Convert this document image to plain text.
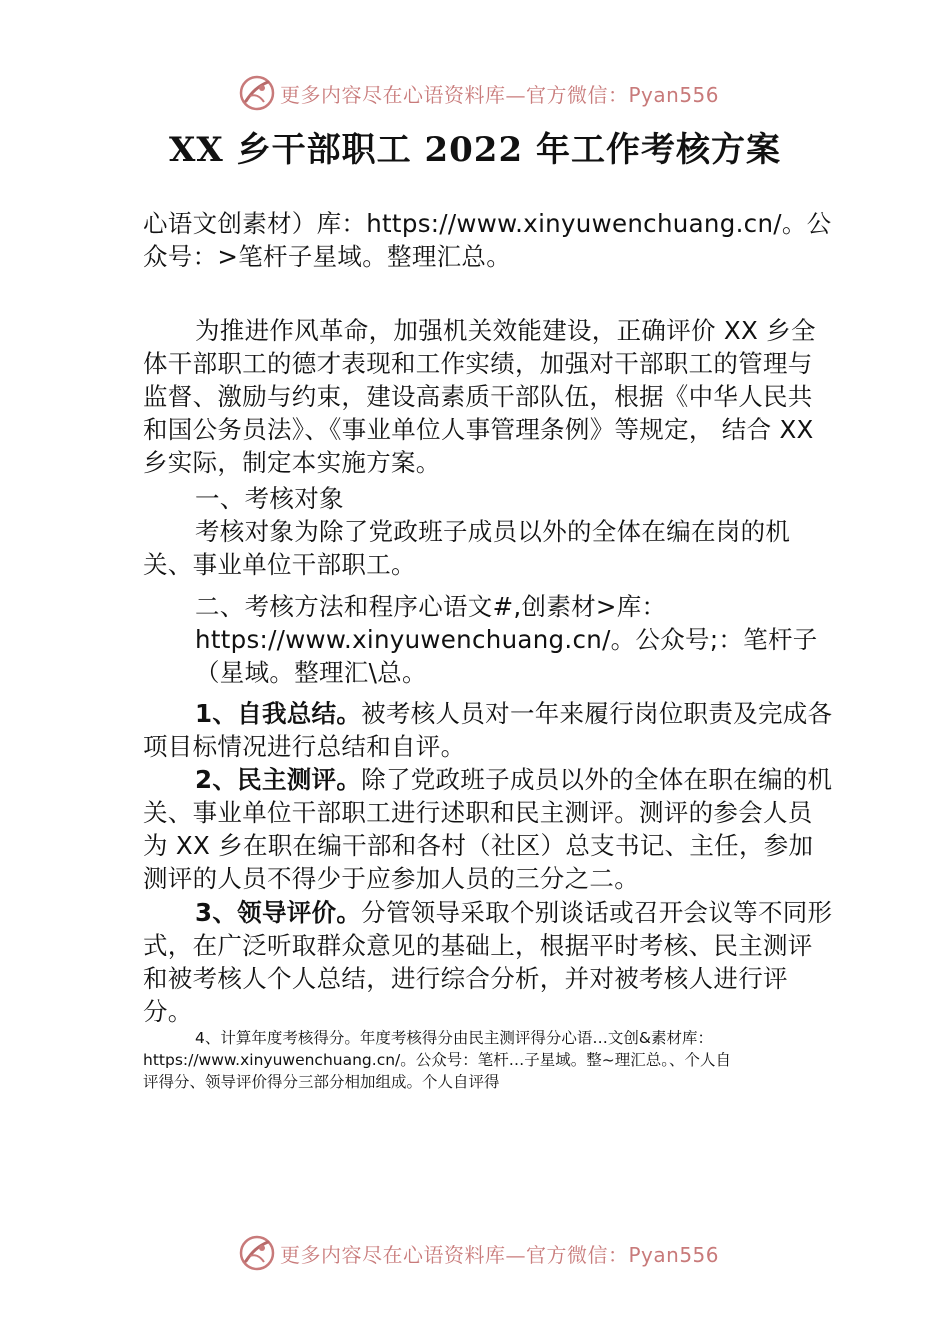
更多内容尽在心语资料库—官方微信：Pyan556
XX 乡干部职工 2022 年工作考核方案

心语文创素材）库：https://www.xinyuwenchuang.cn/。公众号：>笔杆子星域。整理汇总。

为推进作风革命，加强机关效能建设，正确评价 XX 乡全体干部职工的德才表现和工作实绩，加强对干部职工的管理与监督、激励与约束，建设高素质干部队伍，根据《中华人民共和国公务员法》、《事业单位人事管理条例》等规定， 结合 XX 乡实际，制定本实施方案。

一、考核对象

考核对象为除了党政班子成员以外的全体在编在岗的机关、事业单位干部职工。

二、考核方法和程序心语文#,创素材>库：https://www.xinyuwenchuang.cn/。公众号;：笔杆子（星域。整理汇\总。

1、自我总结。被考核人员对一年来履行岗位职责及完成各项目标情况进行总结和自评。

2、民主测评。除了党政班子成员以外的全体在职在编的机关、事业单位干部职工进行述职和民主测评。测评的参会人员为 XX 乡在职在编干部和各村（社区）总支书记、主任，参加测评的人员不得少于应参加人员的三分之二。

3、领导评价。分管领导采取个别谈话或召开会议等不同形式，在广泛听取群众意见的基础上，根据平时考核、民主测评和被考核人个人总结，进行综合分析，并对被考核人进行评分。

4、计算年度考核得分。年度考核得分由民主测评得分心语…文创&素材库：
https://www.xinyuwenchuang.cn/。公众号：笔杆…子星域。整~理汇总。、个人自
评得分、领导评价得分三部分相加组成。个人自评得
更多内容尽在心语资料库—官方微信：Pyan556
